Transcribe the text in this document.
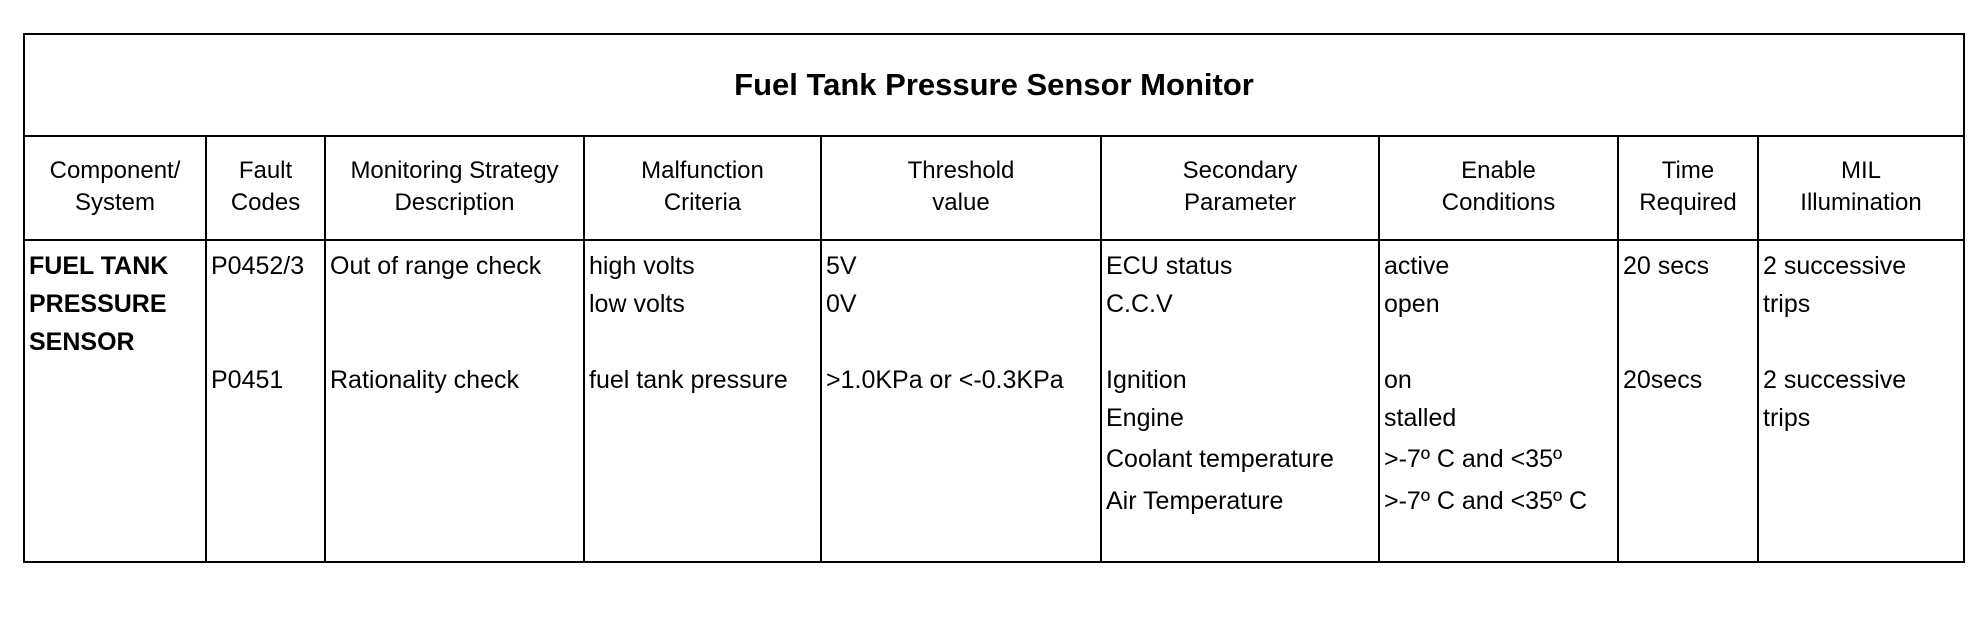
Fuel Tank Pressure Sensor Monitor
Component/
System
FUEL TANK
PRESSURE
SENSOR
Fault
Codes
P0452/3
P0451
Monitoring Strategy
Description
Out of range check
Rationality check
Malfunction
Criteria
high volts
low volts
fuel tank pressure
Threshold
value
5V
0V
>1.0KPa or <-0.3KPa
Secondary
Parameter
ECU status
C.C.V
Ignition
Engine
Coolant temperature
Air Temperature
Enable
Conditions
active
open
on
stalled
>-7º C and <35º
>-7º C and <35º C
Time
Required
20 secs
20secs
MIL
Illumination
2 successive
trips
2 successive
trips
